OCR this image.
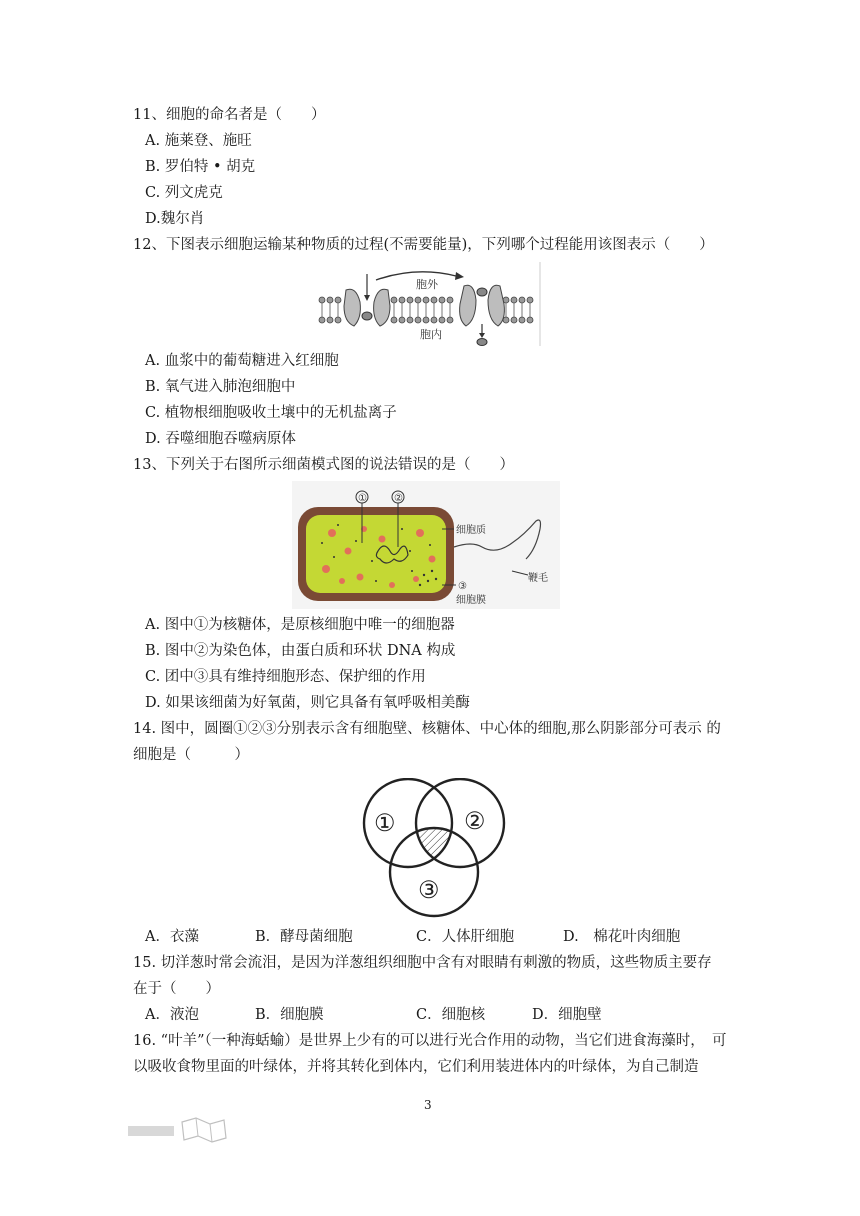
11、细胞的命名者是（　　）
A. 施莱登、施旺
B. 罗伯特 • 胡克
C. 列文虎克
D.魏尔肖
12、下图表示细胞运输某种物质的过程(不需要能量)，下列哪个过程能用该图表示（　　）
胞外
胞内
A. 血浆中的葡萄糖进入红细胞
B. 氧气进入肺泡细胞中
C. 植物根细胞吸收土壤中的无机盐离子
D. 吞噬细胞吞噬病原体
13、下列关于右图所示细菌模式图的说法错误的是（　　）
①	②
细胞质
③
细胞膜
鞭毛
A. 图中①为核糖体，是原核细胞中唯一的细胞器
B. 图中②为染色体，由蛋白质和环状 DNA 构成
C. 团中③具有维持细胞形态、保护细的作用
D. 如果该细菌为好氧菌，则它具备有氧呼吸相美酶
14. 图中，圆圈①②③分别表示含有细胞壁、核糖体、中心体的细胞,那么阴影部分可表示 的
细胞是（　　　）
①	②
③
A．衣藻	B．酵母菌细胞	C．人体肝细胞	D.　棉花叶肉细胞
15. 切洋葱时常会流泪，是因为洋葱组织细胞中含有对眼睛有刺激的物质，这些物质主要存
在于（　　）
A．液泡	B．细胞膜	C．细胞核	D．细胞壁
16. “叶羊”（一种海蛞蝓）是世界上少有的可以进行光合作用的动物，当它们进食海藻时，　可
以吸收食物里面的叶绿体，并将其转化到体内，它们利用装进体内的叶绿体，为自己制造
3
